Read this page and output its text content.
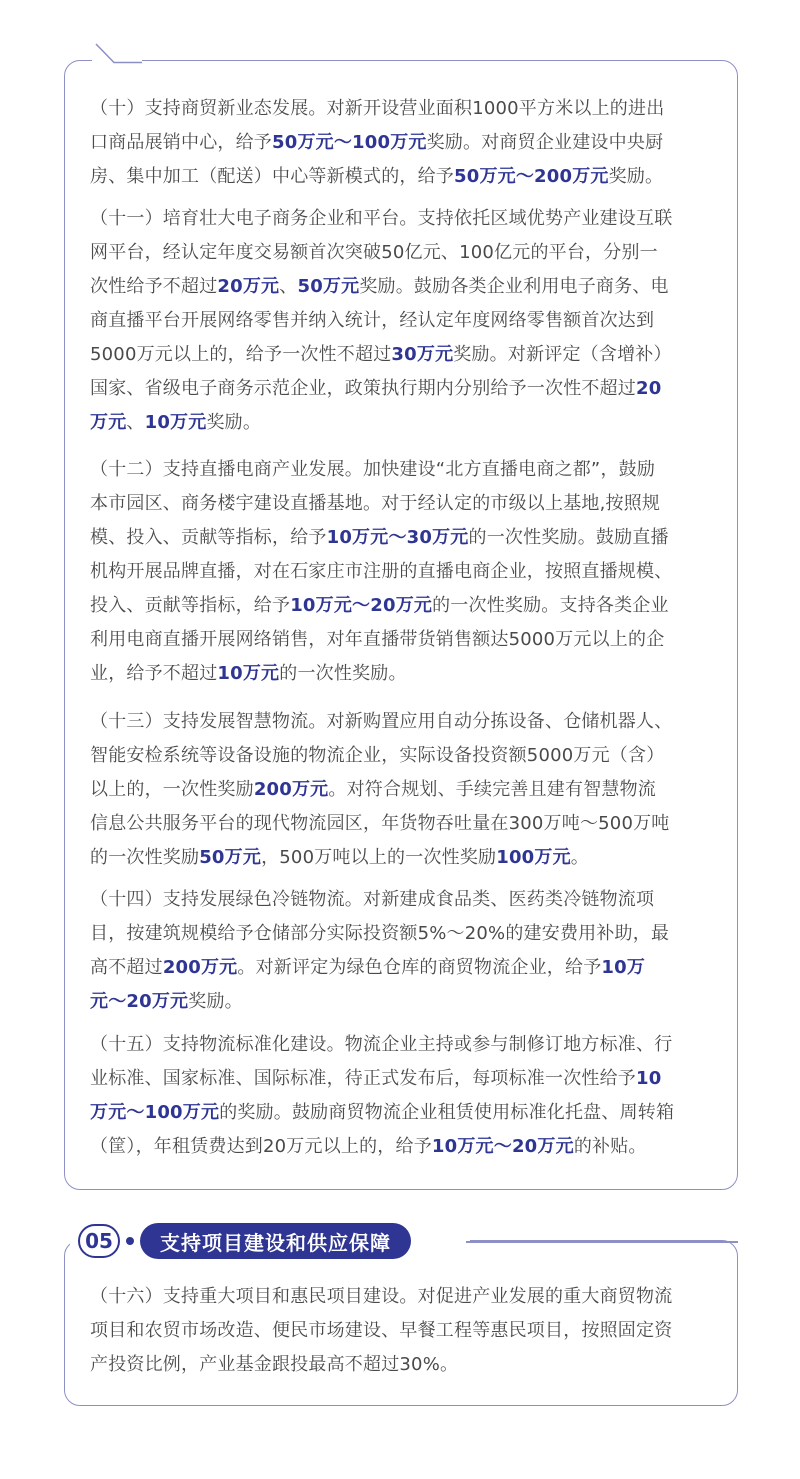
（十）支持商贸新业态发展。对新开设营业面积1000平方米以上的进出
口商品展销中心，给予50万元～100万元奖励。对商贸企业建设中央厨
房、集中加工（配送）中心等新模式的，给予50万元～200万元奖励。
（十一）培育壮大电子商务企业和平台。支持依托区域优势产业建设互联
网平台，经认定年度交易额首次突破50亿元、100亿元的平台，分别一
次性给予不超过20万元、50万元奖励。鼓励各类企业利用电子商务、电
商直播平台开展网络零售并纳入统计，经认定年度网络零售额首次达到
5000万元以上的，给予一次性不超过30万元奖励。对新评定（含增补）
国家、省级电子商务示范企业，政策执行期内分别给予一次性不超过20
万元、10万元奖励。
（十二）支持直播电商产业发展。加快建设“北方直播电商之都”，鼓励
本市园区、商务楼宇建设直播基地。对于经认定的市级以上基地,按照规
模、投入、贡献等指标，给予10万元～30万元的一次性奖励。鼓励直播
机构开展品牌直播，对在石家庄市注册的直播电商企业，按照直播规模、
投入、贡献等指标，给予10万元～20万元的一次性奖励。支持各类企业
利用电商直播开展网络销售，对年直播带货销售额达5000万元以上的企
业，给予不超过10万元的一次性奖励。
（十三）支持发展智慧物流。对新购置应用自动分拣设备、仓储机器人、
智能安检系统等设备设施的物流企业，实际设备投资额5000万元（含）
以上的，一次性奖励200万元。对符合规划、手续完善且建有智慧物流
信息公共服务平台的现代物流园区，年货物吞吐量在300万吨～500万吨
的一次性奖励50万元，500万吨以上的一次性奖励100万元。
（十四）支持发展绿色冷链物流。对新建成食品类、医药类冷链物流项
目，按建筑规模给予仓储部分实际投资额5%～20%的建安费用补助，最
高不超过200万元。对新评定为绿色仓库的商贸物流企业，给予10万
元～20万元奖励。
（十五）支持物流标准化建设。物流企业主持或参与制修订地方标准、行
业标准、国家标准、国际标准，待正式发布后，每项标准一次性给予10
万元～100万元的奖励。鼓励商贸物流企业租赁使用标准化托盘、周转箱
（筐），年租赁费达到20万元以上的，给予10万元～20万元的补贴。
05	支持项目建设和供应保障
（十六）支持重大项目和惠民项目建设。对促进产业发展的重大商贸物流
项目和农贸市场改造、便民市场建设、早餐工程等惠民项目，按照固定资
产投资比例，产业基金跟投最高不超过30%。
